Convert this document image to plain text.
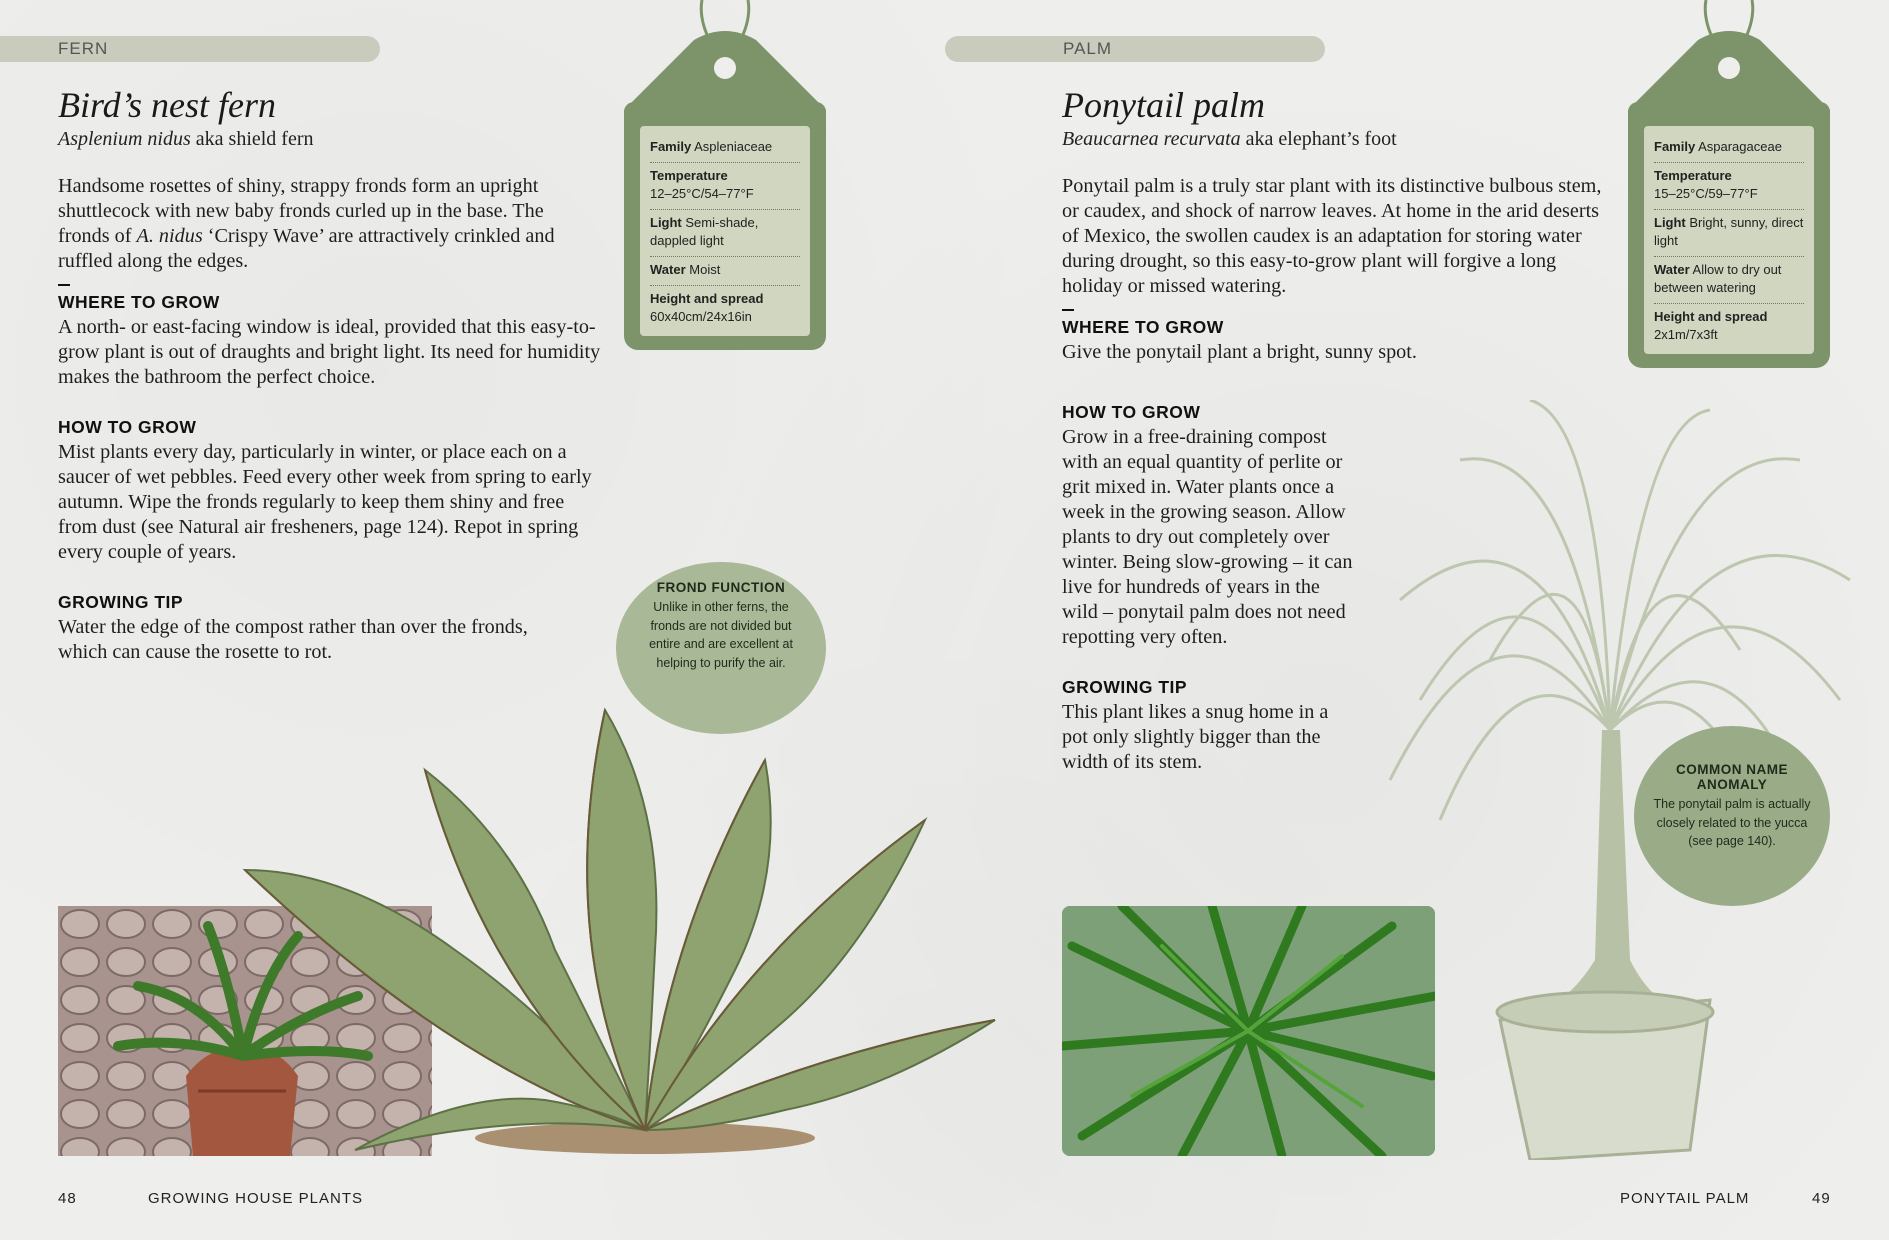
FERN
Bird’s nest fern
Asplenium nidus aka shield fern

Handsome rosettes of shiny, strappy fronds form an upright
shuttlecock with new baby fronds curled up in the base. The
fronds of A. nidus ‘Crispy Wave’ are attractively crinkled and
ruffled along the edges.

WHERE TO GROW

A north- or east-facing window is ideal, provided that this easy-to-grow plant is out of draughts and bright light. Its need for humidity makes the bathroom the perfect choice.

HOW TO GROW

Mist plants every day, particularly in winter, or place each on a saucer of wet pebbles. Feed every other week from spring to early autumn. Wipe the fronds regularly to keep them shiny and free from dust (see Natural air fresheners, page 124). Repot in spring every couple of years.

GROWING TIP

Water the edge of the compost rather than over the fronds, which can cause the rosette to rot.

Family Aspleniaceae
Temperature
12–25°C/54–77°F
Light Semi-shade, dappled light
Water Moist
Height and spread
60x40cm/24x16in
FROND FUNCTION
Unlike in other ferns, the fronds are not divided but entire and are excellent at helping to purify the air.
48	GROWING HOUSE PLANTS
PALM
Ponytail palm
Beaucarnea recurvata aka elephant’s foot

Ponytail palm is a truly star plant with its distinctive bulbous stem, or caudex, and shock of narrow leaves. At home in the arid deserts of Mexico, the swollen caudex is an adaptation for storing water during drought, so this easy-to-grow plant will forgive a long holiday or missed watering.

WHERE TO GROW

Give the ponytail plant a bright, sunny spot.

HOW TO GROW

Grow in a free-draining compost with an equal quantity of perlite or grit mixed in. Water plants once a week in the growing season. Allow plants to dry out completely over winter. Being slow-growing – it can live for hundreds of years in the wild – ponytail palm does not need repotting very often.

GROWING TIP

This plant likes a snug home in a pot only slightly bigger than the width of its stem.

Family Asparagaceae
Temperature
15–25°C/59–77°F
Light Bright, sunny, direct light
Water Allow to dry out between watering
Height and spread
2x1m/7x3ft
COMMON NAME ANOMALY
The ponytail palm is actually closely related to the yucca (see page 140).
PONYTAIL PALM	49
